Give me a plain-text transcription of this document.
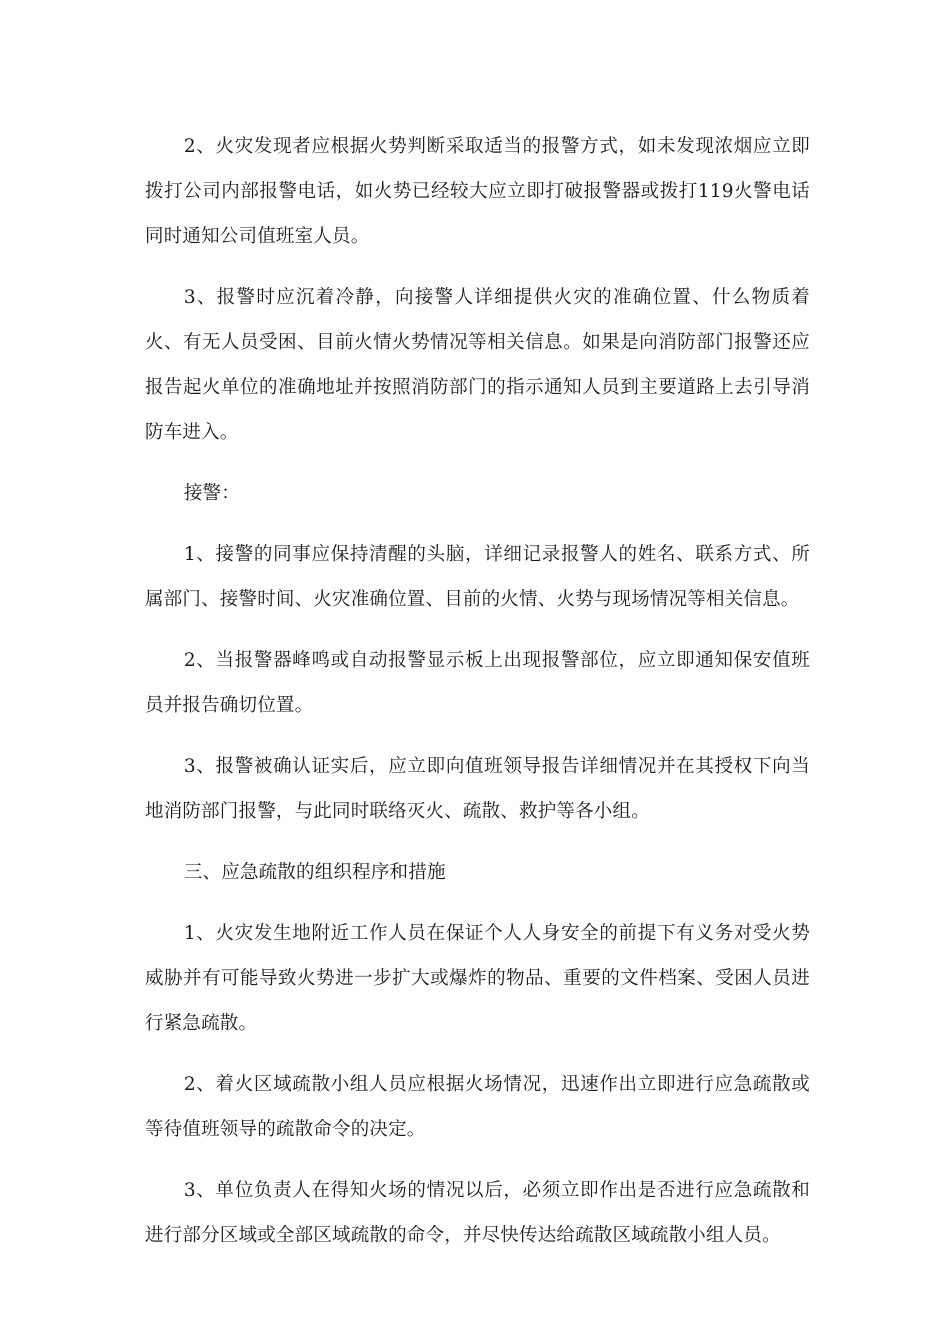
2、火灾发现者应根据火势判断采取适当的报警方式，如未发现浓烟应立即拨打公司内部报警电话，如火势已经较大应立即打破报警器或拨打119火警电话同时通知公司值班室人员。

3、报警时应沉着冷静，向接警人详细提供火灾的准确位置、什么物质着火、有无人员受困、目前火情火势情况等相关信息。如果是向消防部门报警还应报告起火单位的准确地址并按照消防部门的指示通知人员到主要道路上去引导消防车进入。

接警：

1、接警的同事应保持清醒的头脑，详细记录报警人的姓名、联系方式、所属部门、接警时间、火灾准确位置、目前的火情、火势与现场情况等相关信息。

2、当报警器峰鸣或自动报警显示板上出现报警部位，应立即通知保安值班员并报告确切位置。

3、报警被确认证实后，应立即向值班领导报告详细情况并在其授权下向当地消防部门报警，与此同时联络灭火、疏散、救护等各小组。

三、应急疏散的组织程序和措施

1、火灾发生地附近工作人员在保证个人人身安全的前提下有义务对受火势威胁并有可能导致火势进一步扩大或爆炸的物品、重要的文件档案、受困人员进行紧急疏散。

2、着火区域疏散小组人员应根据火场情况，迅速作出立即进行应急疏散或等待值班领导的疏散命令的决定。

3、单位负责人在得知火场的情况以后，必须立即作出是否进行应急疏散和进行部分区域或全部区域疏散的命令，并尽快传达给疏散区域疏散小组人员。
